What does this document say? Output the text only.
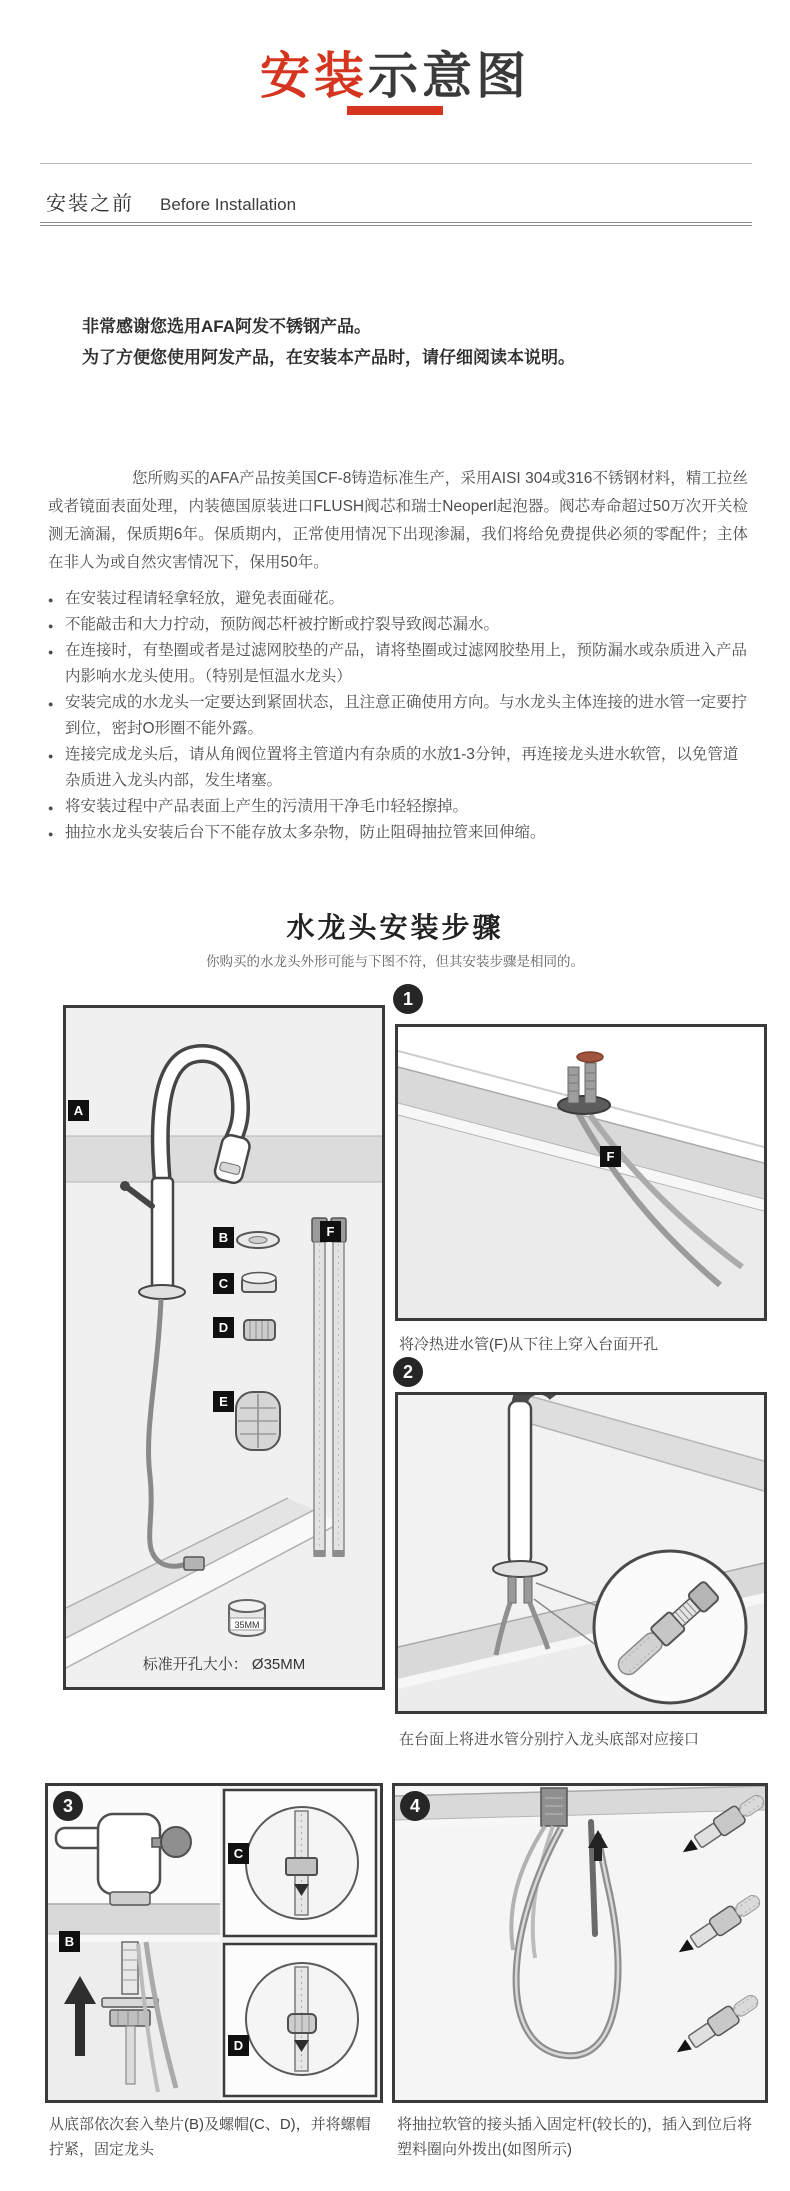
安装示意图
安装之前 Before Installation
非常感谢您选用AFA阿发不锈钢产品。
为了方便您使用阿发产品，在安装本产品时，请仔细阅读本说明。
您所购买的AFA产品按美国CF-8铸造标准生产，采用AISI 304或316不锈钢材料，精工拉丝或者镜面表面处理，内装德国原装进口FLUSH阀芯和瑞士Neoperl起泡器。阀芯寿命超过50万次开关检测无滴漏，保质期6年。保质期内，正常使用情况下出现渗漏，我们将给免费提供必须的零配件；主体在非人为或自然灾害情况下，保用50年。
● 在安装过程请轻拿轻放，避免表面碰花。
● 不能敲击和大力拧动，预防阀芯杆被拧断或拧裂导致阀芯漏水。
● 在连接时，有垫圈或者是过滤网胶垫的产品，请将垫圈或过滤网胶垫用上，预防漏水或杂质进入产品内影响水龙头使用。（特别是恒温水龙头）
● 安装完成的水龙头一定要达到紧固状态，且注意正确使用方向。与水龙头主体连接的进水管一定要拧到位，密封O形圈不能外露。
● 连接完成龙头后，请从角阀位置将主管道内有杂质的水放1-3分钟，再连接龙头进水软管，以免管道杂质进入龙头内部，发生堵塞。
● 将安装过程中产品表面上产生的污渍用干净毛巾轻轻擦掉。
● 抽拉水龙头安装后台下不能存放太多杂物，防止阻碍抽拉管来回伸缩。
水龙头安装步骤
你购买的水龙头外形可能与下图不符，但其安装步骤是相同的。
35MM
A
B
C
D
E
F
标准开孔大小： Ø35MM
1
F
将冷热进水管(F)从下往上穿入台面开孔
2
在台面上将进水管分别拧入龙头底部对应接口
B
C
D
3
从底部依次套入垫片(B)及螺帽(C、D)，并将螺帽拧紧，固定龙头
4
将抽拉软管的接头插入固定杆(较长的)，插入到位后将塑料圈向外拨出(如图所示)
